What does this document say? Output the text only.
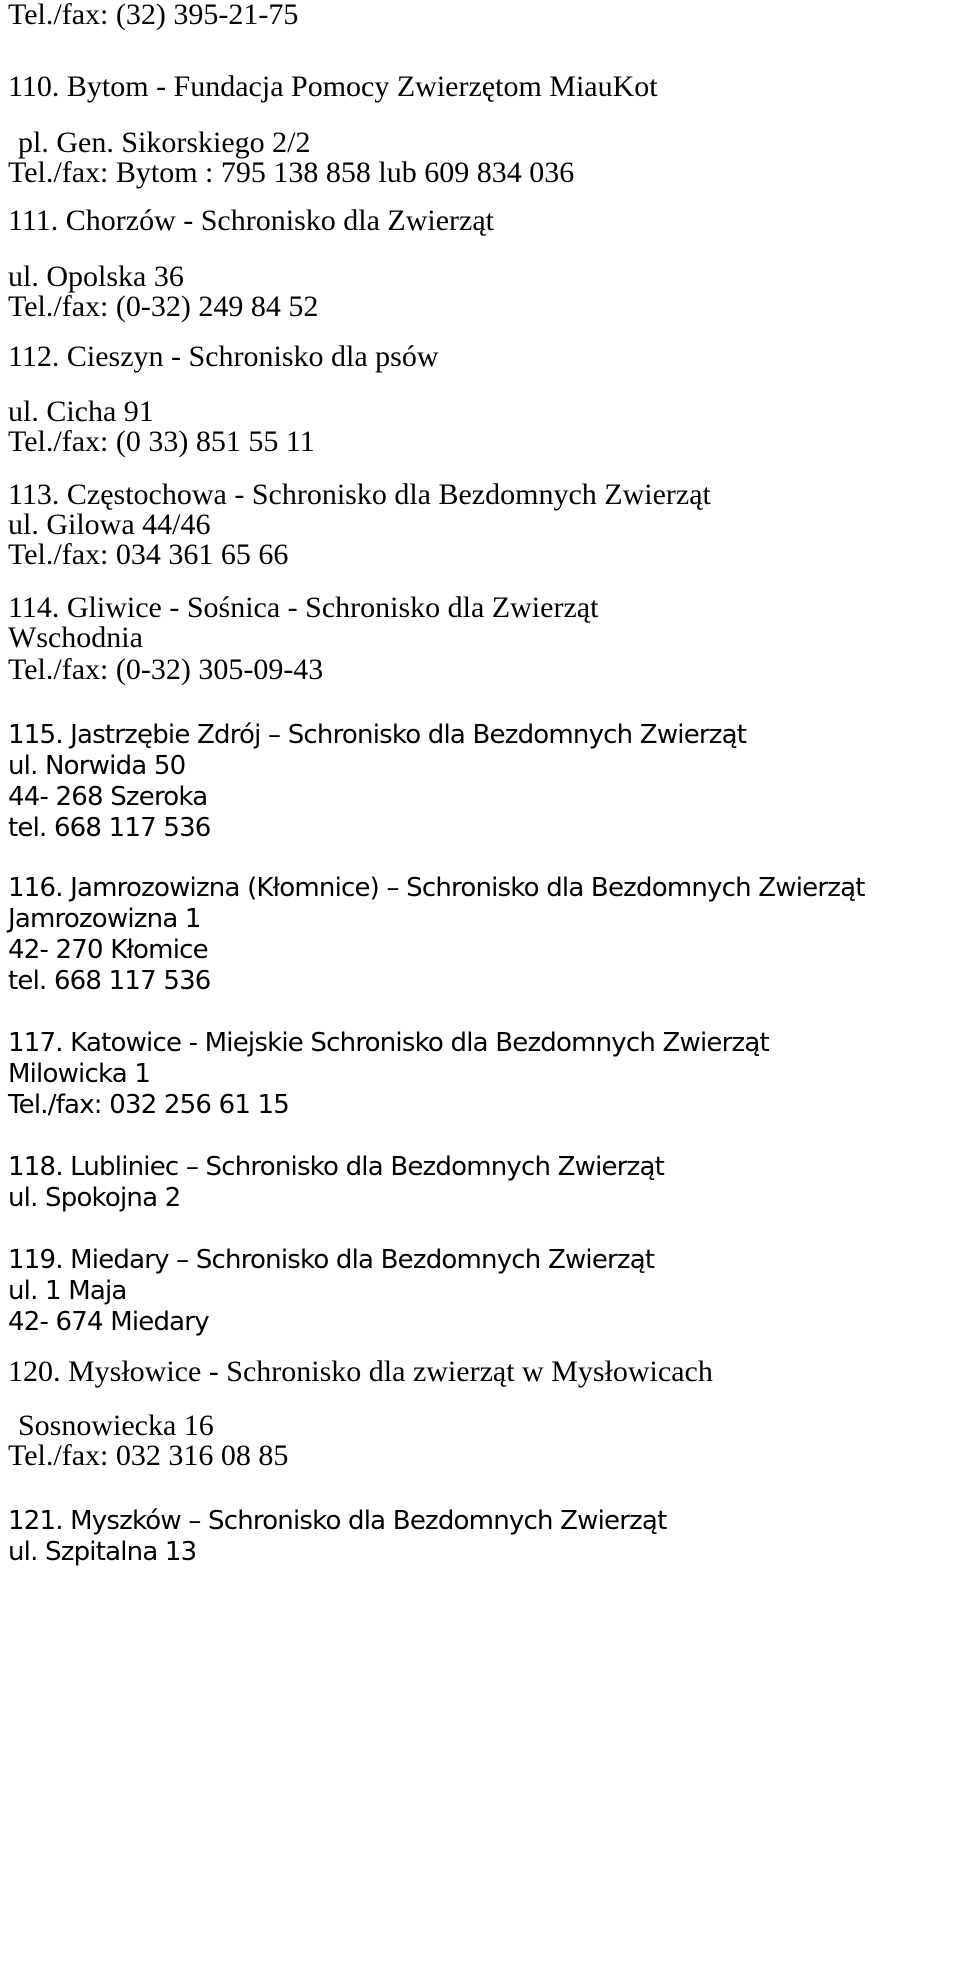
Tel./fax: (32) 395-21-75
110. Bytom - Fundacja Pomocy Zwierzętom MiauKot
pl. Gen. Sikorskiego 2/2
Tel./fax: Bytom : 795 138 858 lub 609 834 036
111. Chorzów - Schronisko dla Zwierząt
ul. Opolska 36
Tel./fax: (0-32) 249 84 52
112. Cieszyn - Schronisko dla psów
ul. Cicha 91
Tel./fax: (0 33) 851 55 11
113. Częstochowa - Schronisko dla Bezdomnych Zwierząt
ul. Gilowa 44/46
Tel./fax: 034 361 65 66
114. Gliwice - Sośnica - Schronisko dla Zwierząt
Wschodnia
Tel./fax: (0-32) 305-09-43
115. Jastrzębie Zdrój – Schronisko dla Bezdomnych Zwierząt
ul. Norwida 50
44- 268 Szeroka
tel. 668 117 536
116. Jamrozowizna (Kłomnice) – Schronisko dla Bezdomnych Zwierząt
Jamrozowizna 1
42- 270 Kłomice
tel. 668 117 536
117. Katowice - Miejskie Schronisko dla Bezdomnych Zwierząt
Milowicka 1
Tel./fax: 032 256 61 15
118. Lubliniec – Schronisko dla Bezdomnych Zwierząt
ul. Spokojna 2
119. Miedary – Schronisko dla Bezdomnych Zwierząt
ul. 1 Maja
42- 674 Miedary
120. Mysłowice - Schronisko dla zwierząt w Mysłowicach
Sosnowiecka 16
Tel./fax: 032 316 08 85
121. Myszków – Schronisko dla Bezdomnych Zwierząt
ul. Szpitalna 13
